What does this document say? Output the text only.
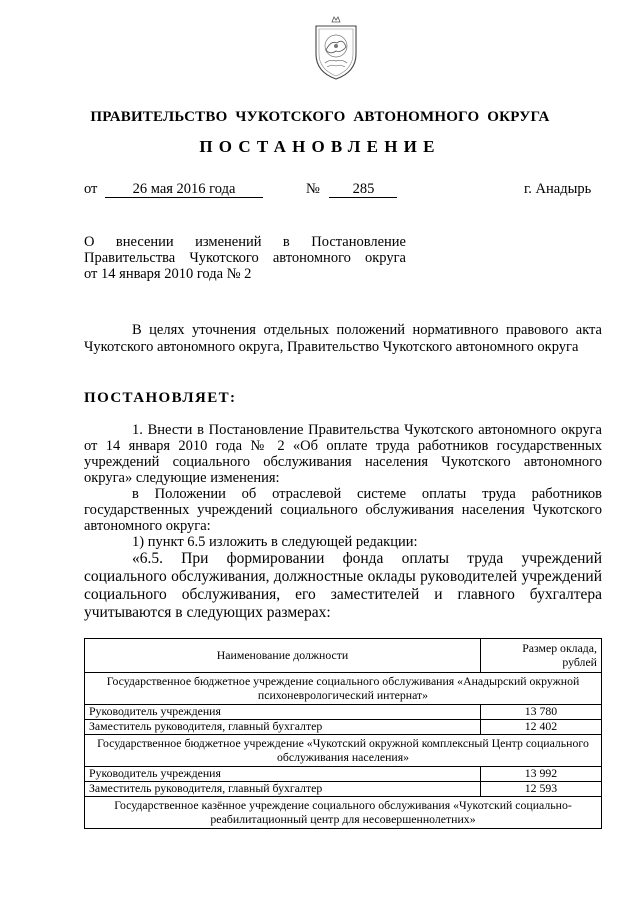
ПРАВИТЕЛЬСТВО ЧУКОТСКОГО АВТОНОМНОГО ОКРУГА
ПОСТАНОВЛЕНИЕ
от 26 мая 2016 года	№ 285	г. Анадырь
О внесении изменений в Постановление
Правительства Чукотского автономного округа
от 14 января 2010 года № 2
В целях уточнения отдельных положений нормативного правового акта Чукотского автономного округа, Правительство Чукотского автономного округа
ПОСТАНОВЛЯЕТ:

1. Внести в Постановление Правительства Чукотского автономного округа от 14 января 2010 года № 2 «Об оплате труда работников государственных учреждений социального обслуживания населения Чукотского автономного округа» следующие изменения:

в Положении об отраслевой системе оплаты труда работников государственных учреждений социального обслуживания населения Чукотского автономного округа:

1) пункт 6.5 изложить в следующей редакции:

«6.5. При формировании фонда оплаты труда учреждений социального обслуживания, должностные оклады руководителей учреждений социального обслуживания, его заместителей и главного бухгалтера учитываются в следующих размерах:

Наименование должности	Размер оклада, рублей
Государственное бюджетное учреждение социального обслуживания «Анадырский окружной психоневрологический интернат»	
Руководитель учреждения	13 780
Заместитель руководителя, главный бухгалтер	12 402
Государственное бюджетное учреждение «Чукотский окружной комплексный Центр социального обслуживания населения»	
Руководитель учреждения	13 992
Заместитель руководителя, главный бухгалтер	12 593
Государственное казённое учреждение социального обслуживания «Чукотский социально-реабилитационный центр для несовершеннолетних»	
